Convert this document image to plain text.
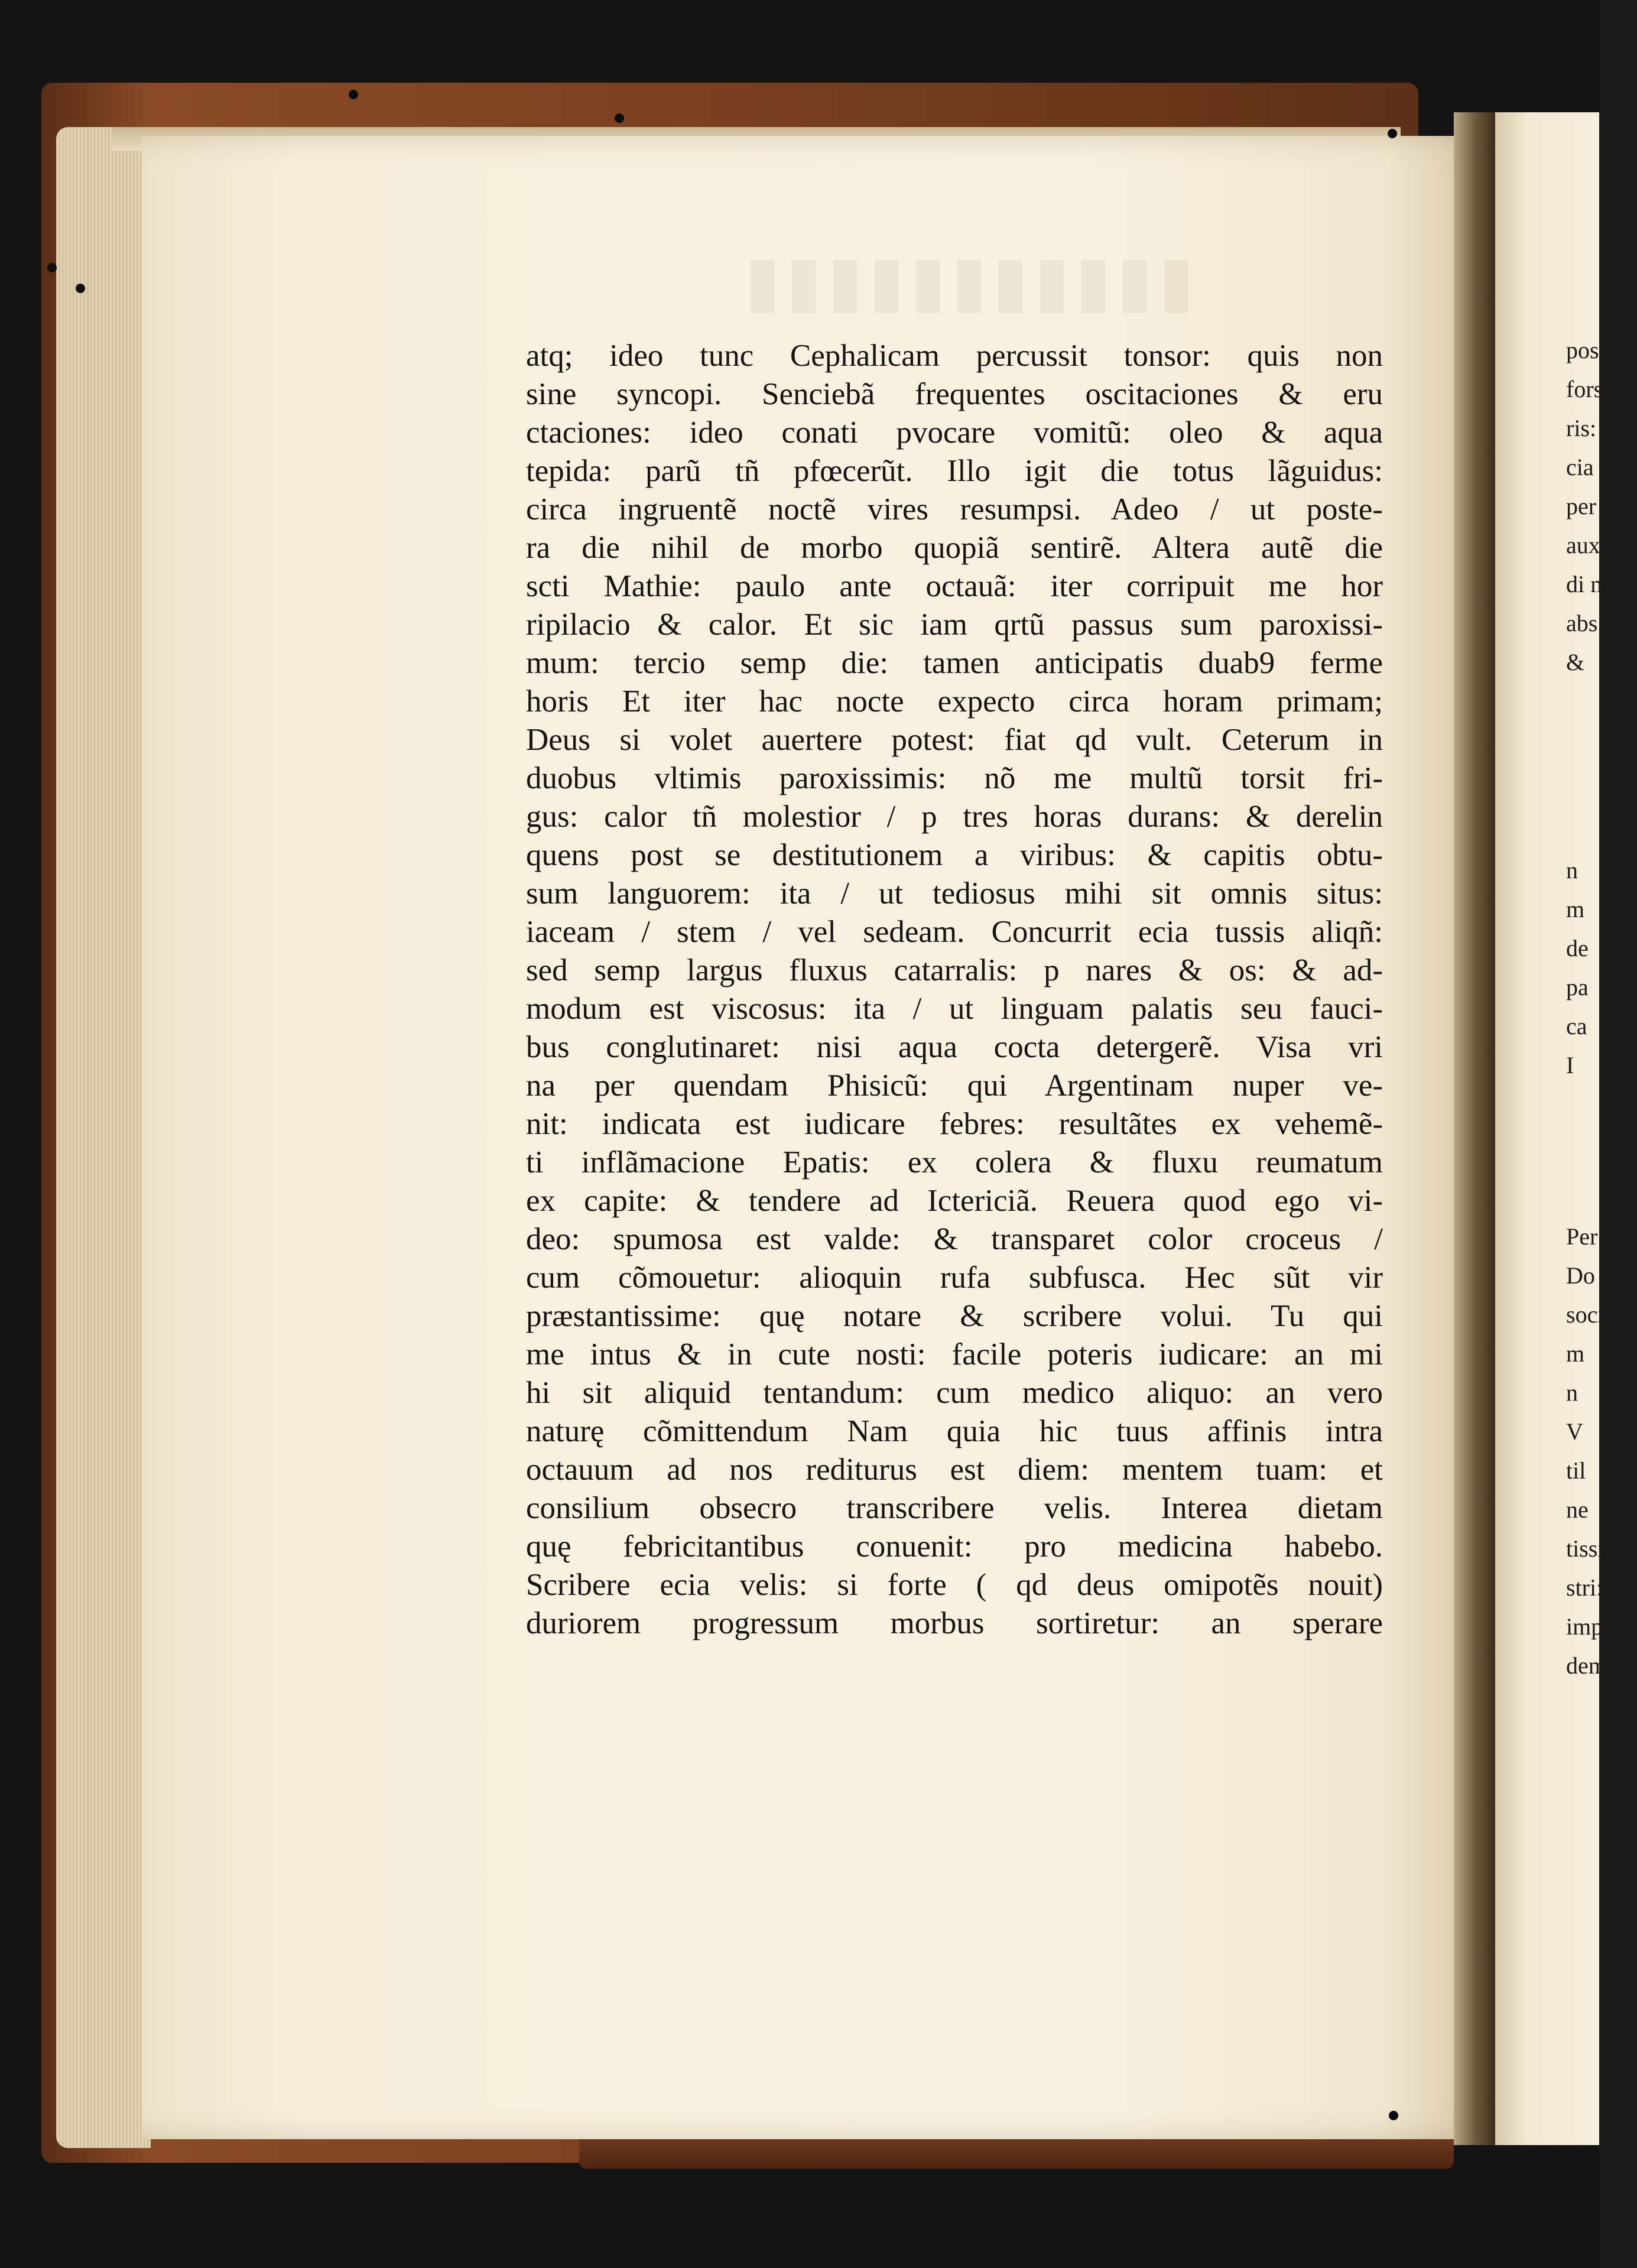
atq; ideo tunc Cephalicam percussit tonsor: quis non
sine syncopi. Senciebã frequentes oscitaciones & eru
ctaciones: ideo conati pvocare vomitũ: oleo & aqua
tepida: parũ tñ pfœcerũt. Illo igit die totus lãguidus:
circa ingruentẽ noctẽ vires resumpsi. Adeo / ut poste-
ra die nihil de morbo quopiã sentirẽ. Altera autẽ die
scti Mathie: paulo ante octauã: iter corripuit me hor
ripilacio & calor. Et sic iam qrtũ passus sum paroxissi-
mum: tercio semp die: tamen anticipatis duab9 ferme
horis Et iter hac nocte expecto circa horam primam;
Deus si volet auertere potest: fiat qd vult. Ceterum in
duobus vltimis paroxissimis: nõ me multũ torsit fri-
gus: calor tñ molestior / p tres horas durans: & derelin
quens post se destitutionem a viribus: & capitis obtu-
sum languorem: ita / ut tediosus mihi sit omnis situs:
iaceam / stem / vel sedeam. Concurrit ecia tussis aliqñ:
sed semp largus fluxus catarralis: p nares & os: & ad-
modum est viscosus: ita / ut linguam palatis seu fauci-
bus conglutinaret: nisi aqua cocta detergerẽ. Visa vri
na per quendam Phisicũ: qui Argentinam nuper ve-
nit: indicata est iudicare febres: resultãtes ex vehemẽ-
ti inflãmacione Epatis: ex colera & fluxu reumatum
ex capite: & tendere ad Ictericiã. Reuera quod ego vi-
deo: spumosa est valde: & transparet color croceus /
cum cõmouetur: alioquin rufa subfusca. Hec sũt vir
præstantissime: quę notare & scribere volui. Tu qui
me intus & in cute nosti: facile poteris iudicare: an mi
hi sit aliquid tentandum: cum medico aliquo: an vero
naturę cõmittendum Nam quia hic tuus affinis intra
octauum ad nos rediturus est diem: mentem tuam: et
consilium obsecro transcribere velis. Interea dietam
quę febricitantibus conuenit: pro medicina habebo.
Scribere ecia velis: si forte ( qd deus omipotẽs nouit)
duriorem progressum morbus sortiretur: an sperare
posi
forsi
ris:
cia
per
aux
di m
abs
&
n
m
de
pa
ca
I
Per
Do
soci
m
n
V
til
ne
tissi
stri:
impe
dem
